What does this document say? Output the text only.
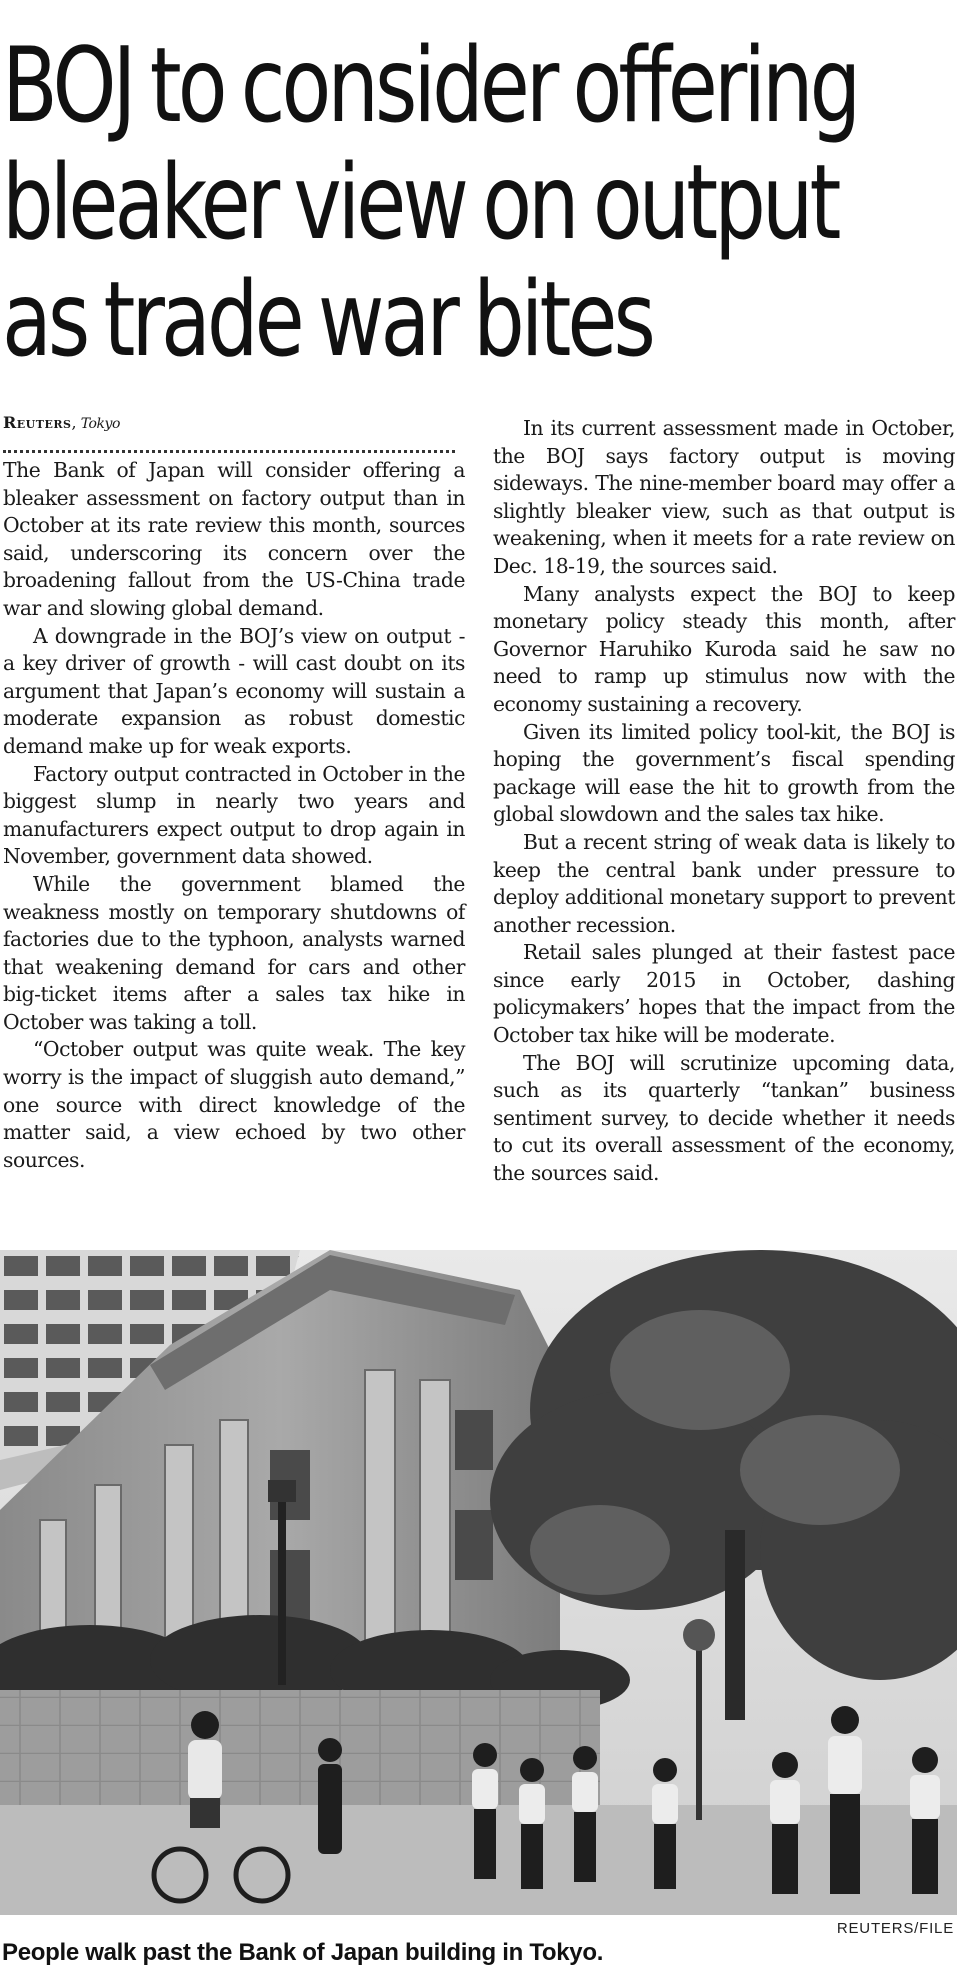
BOJ to consider offering
bleaker view on output
as trade war bites
Reuters, Tokyo

The Bank of Japan will consider offering a bleaker assessment on factory output than in October at its rate review this month, sources said, underscoring its concern over the broadening fallout from the US-China trade war and slowing global demand.

A downgrade in the BOJ’s view on output - a key driver of growth - will cast doubt on its argument that Japan’s economy will sustain a moderate expansion as robust domestic demand make up for weak exports.

Factory output contracted in October in the biggest slump in nearly two years and manufacturers expect output to drop again in November, government data showed.

While the government blamed the weakness mostly on temporary shutdowns of factories due to the typhoon, analysts warned that weakening demand for cars and other big-ticket items after a sales tax hike in October was taking a toll.

“October output was quite weak. The key worry is the impact of sluggish auto demand,” one source with direct knowledge of the matter said, a view echoed by two other sources.

In its current assessment made in October, the BOJ says factory output is moving sideways. The nine-member board may offer a slightly bleaker view, such as that output is weakening, when it meets for a rate review on Dec. 18-19, the sources said.

Many analysts expect the BOJ to keep monetary policy steady this month, after Governor Haruhiko Kuroda said he saw no need to ramp up stimulus now with the economy sustaining a recovery.

Given its limited policy tool-kit, the BOJ is hoping the government’s fiscal spending package will ease the hit to growth from the global slowdown and the sales tax hike.

But a recent string of weak data is likely to keep the central bank under pressure to deploy additional monetary support to prevent another recession.

Retail sales plunged at their fastest pace since early 2015 in October, dashing policymakers’ hopes that the impact from the October tax hike will be moderate.

The BOJ will scrutinize upcoming data, such as its quarterly “tankan” business sentiment survey, to decide whether it needs to cut its overall assessment of the economy, the sources said.

REUTERS/FILE
People walk past the Bank of Japan building in Tokyo.
